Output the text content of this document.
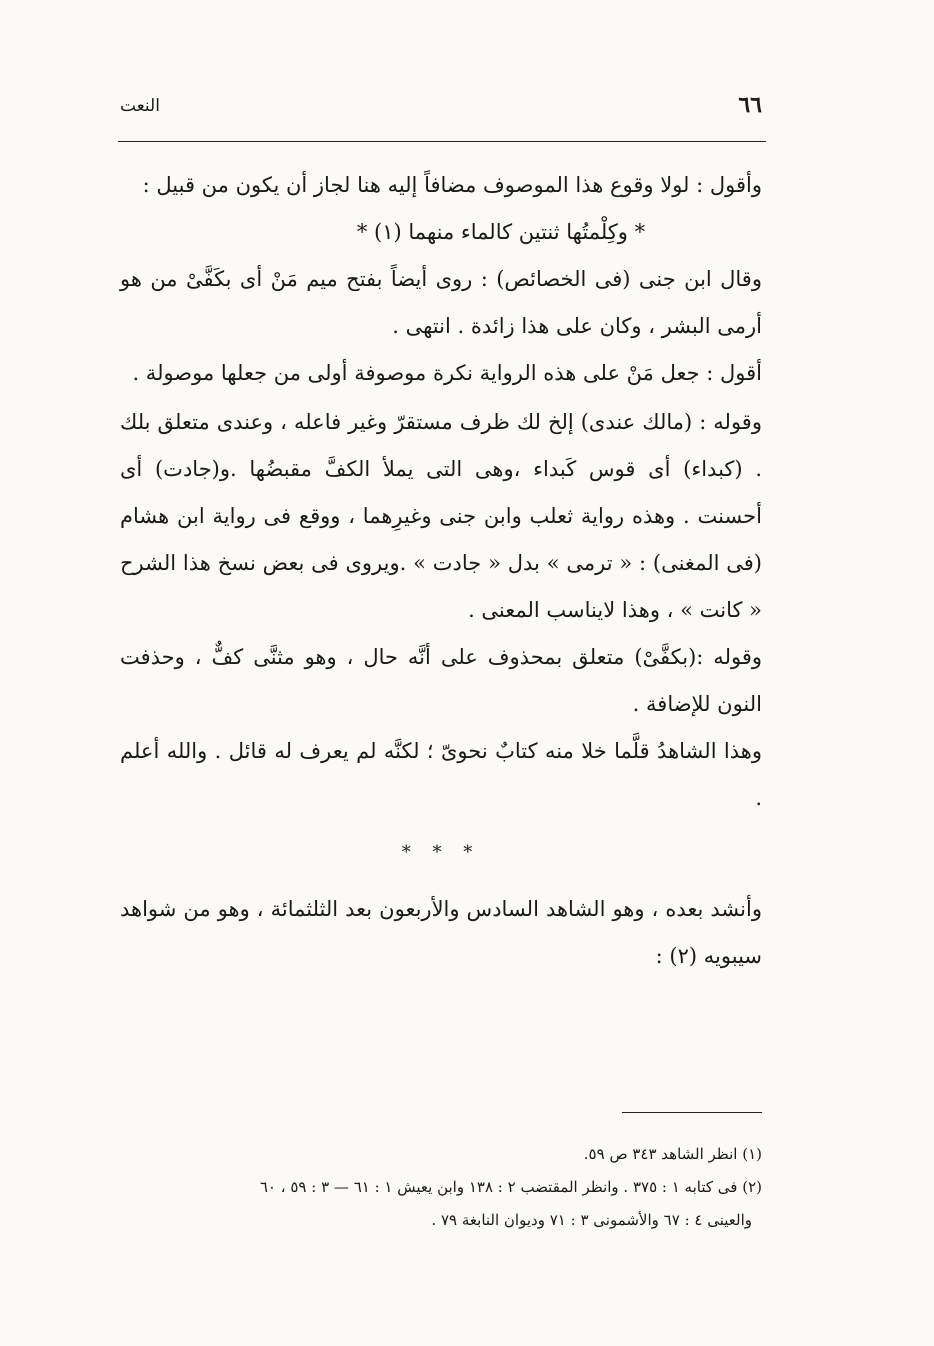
٦٦
النعت

وأقول : لولا وقوع هذا الموصوف مضافاً إليه هنا لجاز أن يكون من قبيل :

* وكِلْمتُها ثنتين كالماء منهما (١) *

وقال ابن جنى (فى الخصائص) : روى أيضاً بفتح ميم مَنْ أى بكَفَّىْ من هو أرمى البشر ، وكان على هذا زائدة . انتهى .

أقول : جعل مَنْ على هذه الرواية نكرة موصوفة أولى من جعلها موصولة .

وقوله : (مالك عندى) إلخ لك ظرف مستقرّ وغير فاعله ، وعندى متعلق بلك . (كبداء) أى قوس كَبداء ،وهى التى يملأ الكفَّ مقبضُها .و(جادت) أى أحسنت . وهذه رواية ثعلب وابن جنى وغيرِهما ، ووقع فى رواية ابن هشام (فى المغنى) : « ترمى » بدل « جادت » .ويروى فى بعض نسخ هذا الشرح « كانت » ، وهذا لايناسب المعنى .

وقوله :(بكفَّىْ) متعلق بمحذوف على أنَّه حال ، وهو مثنَّى كفٌّ ، وحذفت النون للإضافة .

وهذا الشاهدُ قلَّما خلا منه كتابٌ نحوىّ ؛ لكنَّه لم يعرف له قائل . والله أعلم .

* * *

وأنشد بعده ، وهو الشاهد السادس والأربعون بعد الثلثمائة ، وهو من شواهد سيبويه (٢) :

(١) انظر الشاهد ٣٤٣ ص ٥٩.

(٢) فى كتابه ١ : ٣٧٥ . وانظر المقتضب ٢ : ١٣٨ وابن يعيش ١ : ٦١ — ٣ : ٥٩ ، ٦٠

والعينى ٤ : ٦٧ والأشمونى ٣ : ٧١ وديوان النابغة ٧٩ .
